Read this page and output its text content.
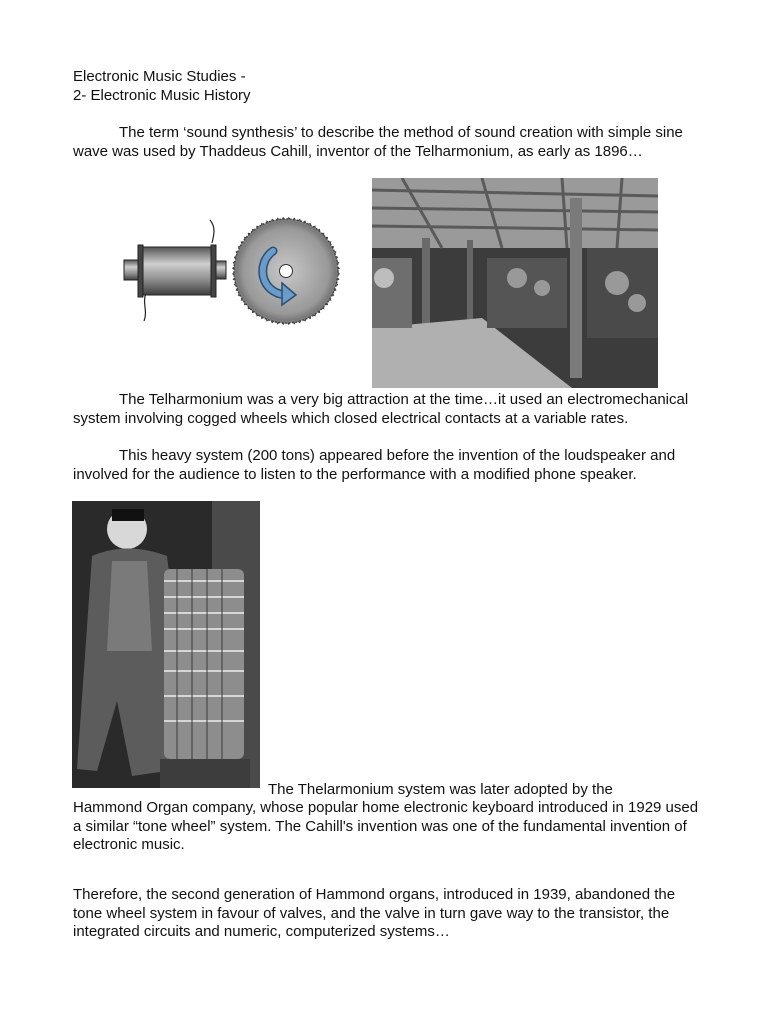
Electronic Music Studies -
2- Electronic Music History

The term ‘sound synthesis’ to describe the method of sound creation with simple sine wave was used by Thaddeus Cahill, inventor of the Telharmonium, as early as 1896…

The Telharmonium was a very big attraction at the time…it used an electromechanical system involving cogged wheels which closed electrical contacts at a variable rates.

This heavy system (200 tons) appeared before the invention of the loudspeaker and involved for the audience to listen to the performance with a modified phone speaker.

The Thelarmonium system was later adopted by the

Hammond Organ company, whose popular home electronic keyboard introduced in 1929 used a similar “tone wheel” system. The Cahill's invention was one of the fundamental invention of electronic music.

Therefore, the second generation of Hammond organs, introduced in 1939, abandoned the tone wheel system in favour of valves, and the valve in turn gave way to the transistor, the integrated circuits and numeric, computerized systems…
